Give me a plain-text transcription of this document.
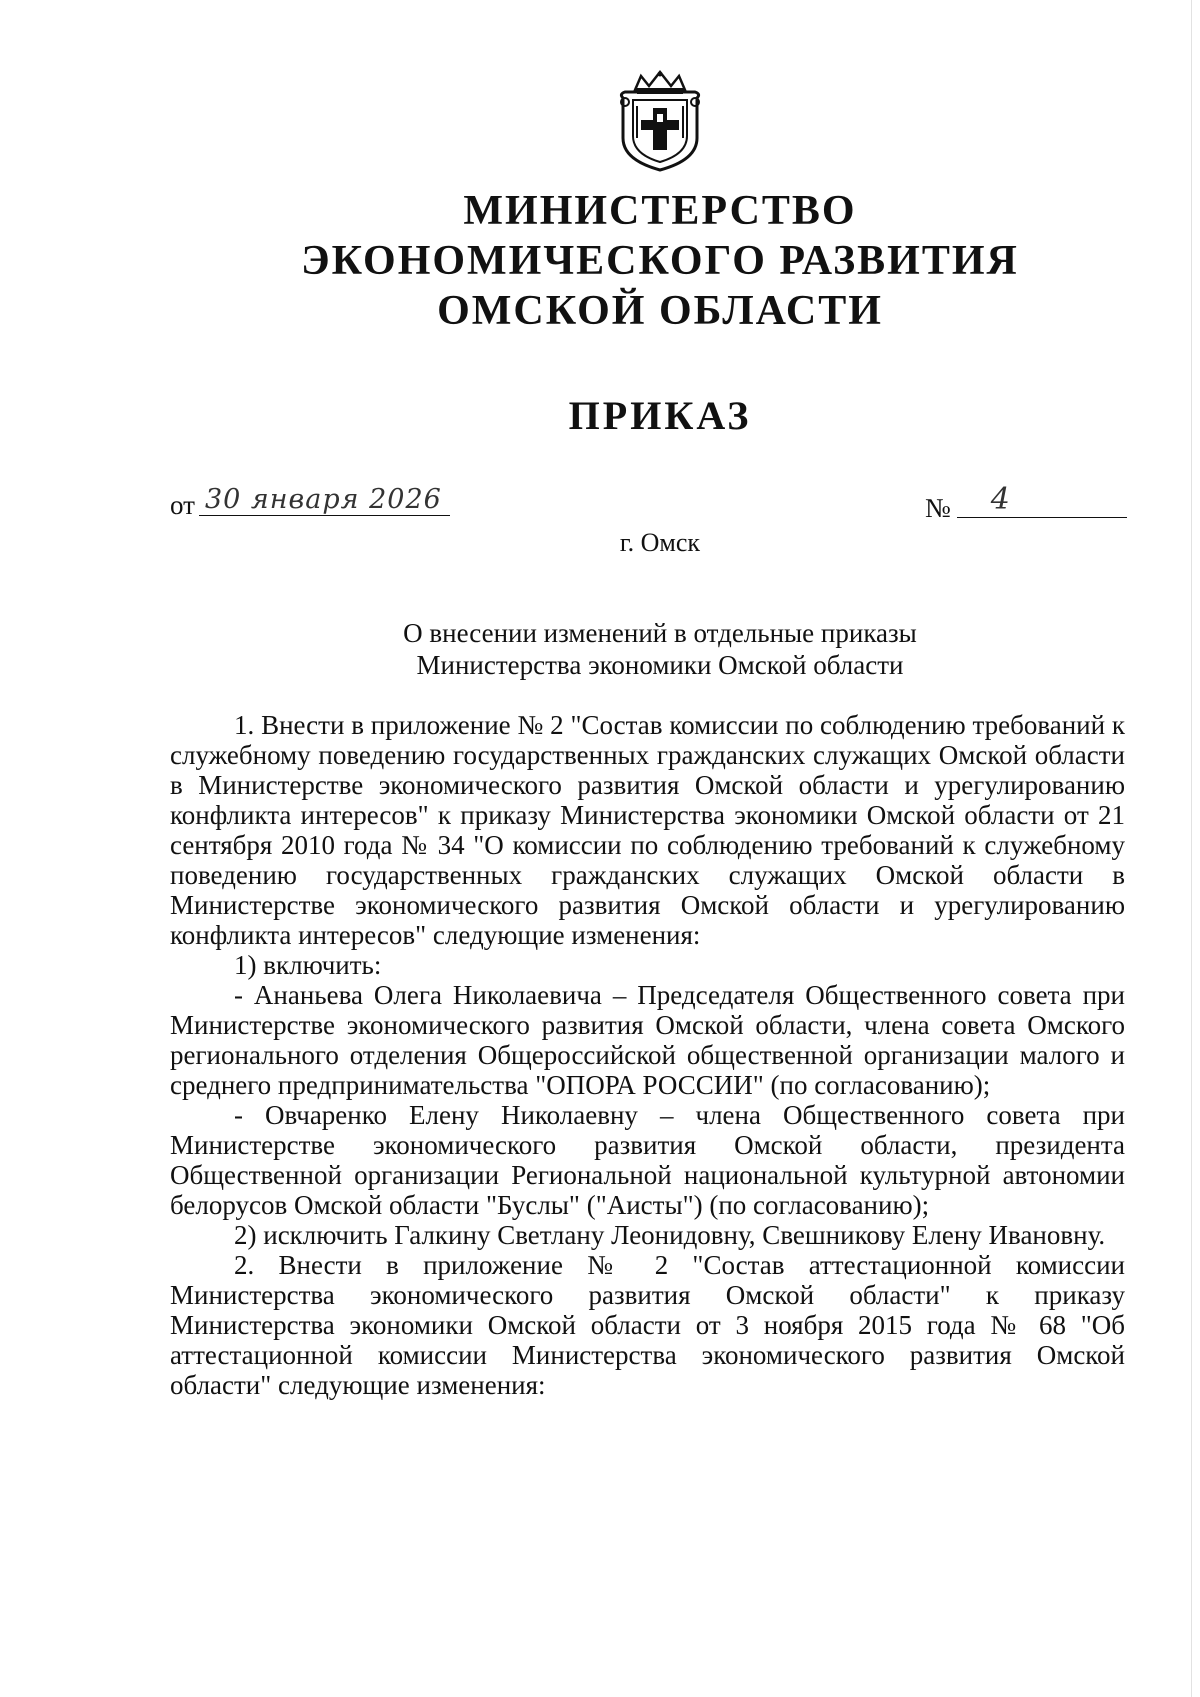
МИНИСТЕРСТВО
ЭКОНОМИЧЕСКОГО РАЗВИТИЯ
ОМСКОЙ ОБЛАСТИ
ПРИКАЗ
от 30 января 2026	№ 4
г. Омск
О внесении изменений в отдельные приказы
Министерства экономики Омской области

1. Внести в приложение № 2 "Состав комиссии по соблюдению требований к служебному поведению государственных гражданских служащих Омской области в Министерстве экономического развития Омской области и урегулированию конфликта интересов" к приказу Министерства экономики Омской области от 21 сентября 2010 года № 34 "О комиссии по соблюдению требований к служебному поведению государственных гражданских служащих Омской области в Министерстве экономического развития Омской области и урегулированию конфликта интересов" следующие изменения:

1) включить:

- Ананьева Олега Николаевича – Председателя Общественного совета при Министерстве экономического развития Омской области, члена совета Омского регионального отделения Общероссийской общественной организации малого и среднего предпринимательства "ОПОРА РОССИИ" (по согласованию);

- Овчаренко Елену Николаевну – члена Общественного совета при Министерстве экономического развития Омской области, президента Общественной организации Региональной национальной культурной автономии белорусов Омской области "Буслы" ("Аисты") (по согласованию);

2) исключить Галкину Светлану Леонидовну, Свешникову Елену Ивановну.

2. Внести в приложение № 2 "Состав аттестационной комиссии Министерства экономического развития Омской области" к приказу Министерства экономики Омской области от 3 ноября 2015 года № 68 "Об аттестационной комиссии Министерства экономического развития Омской области" следующие изменения:
